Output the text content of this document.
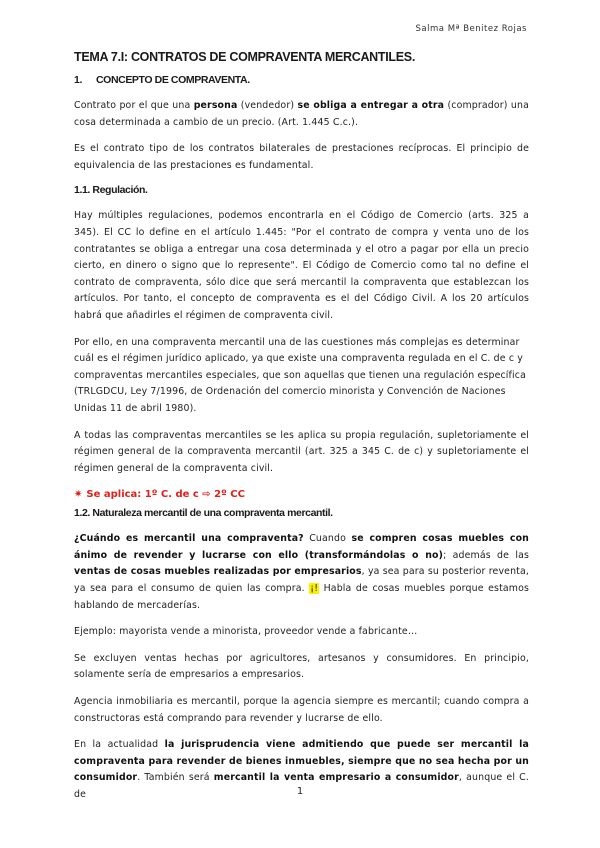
Salma Mª Benitez Rojas
TEMA 7.I: CONTRATOS DE COMPRAVENTA MERCANTILES.
1. CONCEPTO DE COMPRAVENTA.

Contrato por el que una persona (vendedor) se obliga a entregar a otra (comprador) una cosa determinada a cambio de un precio. (Art. 1.445 C.c.).

Es el contrato tipo de los contratos bilaterales de prestaciones recíprocas. El principio de equivalencia de las prestaciones es fundamental.

1.1. Regulación.

Hay múltiples regulaciones, podemos encontrarla en el Código de Comercio (arts. 325 a 345). El CC lo define en el artículo 1.445: "Por el contrato de compra y venta uno de los contratantes se obliga a entregar una cosa determinada y el otro a pagar por ella un precio cierto, en dinero o signo que lo represente". El Código de Comercio como tal no define el contrato de compraventa, sólo dice que será mercantil la compraventa que establezcan los artículos. Por tanto, el concepto de compraventa es el del Código Civil. A los 20 artículos habrá que añadirles el régimen de compraventa civil.

Por ello, en una compraventa mercantil una de las cuestiones más complejas es determinar cuál es el régimen jurídico aplicado, ya que existe una compraventa regulada en el C. de c y compraventas mercantiles especiales, que son aquellas que tienen una regulación específica (TRLGDCU, Ley 7/1996, de Ordenación del comercio minorista y Convención de Naciones Unidas 11 de abril 1980).

A todas las compraventas mercantiles se les aplica su propia regulación, supletoriamente el régimen general de la compraventa mercantil (art. 325 a 345 C. de c) y supletoriamente el régimen general de la compraventa civil.

✷ Se aplica: 1º C. de c ⇨ 2º CC
1.2. Naturaleza mercantil de una compraventa mercantil.

¿Cuándo es mercantil una compraventa? Cuando se compren cosas muebles con ánimo de revender y lucrarse con ello (transformándolas o no); además de las ventas de cosas muebles realizadas por empresarios, ya sea para su posterior reventa, ya sea para el consumo de quien las compra. ¡! Habla de cosas muebles porque estamos hablando de mercaderías.

Ejemplo: mayorista vende a minorista, proveedor vende a fabricante…

Se excluyen ventas hechas por agricultores, artesanos y consumidores. En principio, solamente sería de empresarios a empresarios.

Agencia inmobiliaria es mercantil, porque la agencia siempre es mercantil; cuando compra a constructoras está comprando para revender y lucrarse de ello.

En la actualidad la jurisprudencia viene admitiendo que puede ser mercantil la compraventa para revender de bienes inmuebles, siempre que no sea hecha por un consumidor. También será mercantil la venta empresario a consumidor, aunque el C. de	1
